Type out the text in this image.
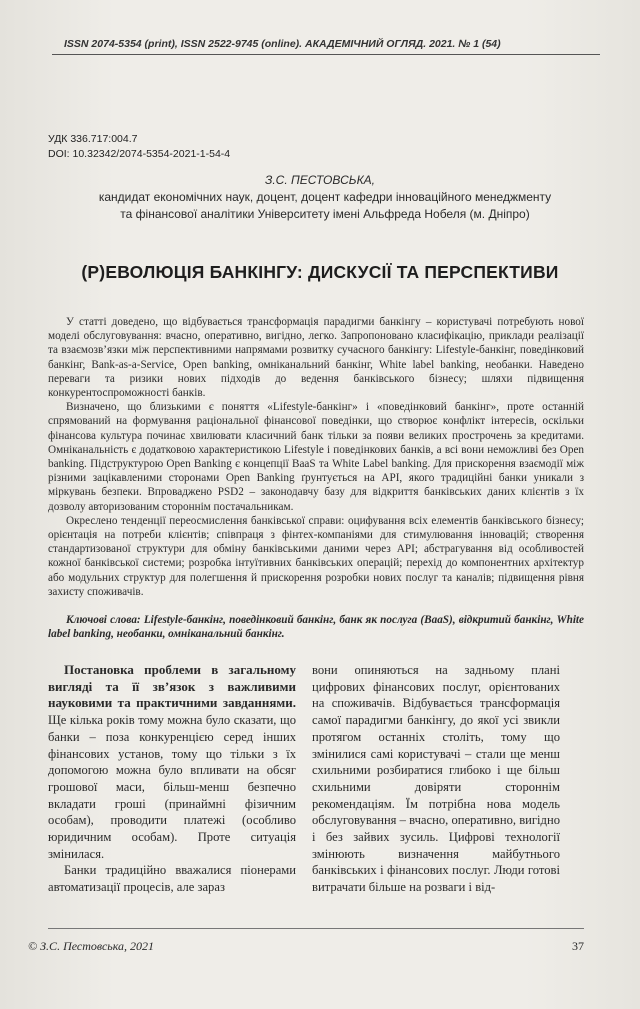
ISSN 2074-5354 (print), ISSN 2522-9745 (online). АКАДЕМІЧНИЙ ОГЛЯД. 2021. № 1 (54)
УДК 336.717:004.7
DOI: 10.32342/2074-5354-2021-1-54-4
З.С. ПЕСТОВСЬКА,
кандидат економічних наук, доцент, доцент кафедри інноваційного менеджменту
та фінансової аналітики Університету імені Альфреда Нобеля (м. Дніпро)
(Р)ЕВОЛЮЦІЯ БАНКІНГУ: ДИСКУСІЇ ТА ПЕРСПЕКТИВИ

У статті доведено, що відбувається трансформація парадигми банкінгу – користувачі потребують нової моделі обслуговування: вчасно, оперативно, вигідно, легко. Запропоновано класифікацію, приклади реалізації та взаємозв’язки між перспективними напрямами розвитку сучасного банкінгу: Lifestyle-банкінг, поведінковий банкінг, Bank-as-a-Service, Open banking, омніканальний банкінг, White label banking, необанки. Наведено переваги та ризики нових підходів до ведення банківського бізнесу; шляхи підвищення конкурентоспроможності банків.

Визначено, що близькими є поняття «Lifestyle-банкінг» і «поведінковий банкінг», проте останній спрямований на формування раціональної фінансової поведінки, що створює конфлікт інтересів, оскільки фінансова культура починає хвилювати класичний банк тільки за появи великих прострочень за кредитами. Омніканальність є додатковою характеристикою Lifestyle і поведінкових банків, а всі вони неможливі без Open banking. Підструктурою Open Banking є концепції BaaS та White Label banking. Для прискорення взаємодії між різними зацікавленими сторонами Open Banking ґрунтується на API, якого традиційні банки уникали з міркувань безпеки. Впровадженo PSD2 – законодавчу базу для відкриття банківських даних клієнтів з їх дозволу авторизованим стороннім постачальникам.

Окреслено тенденції переосмислення банківської справи: оцифування всіх елементів банківського бізнесу; орієнтація на потреби клієнтів; співпраця з фінтех-компаніями для стимулювання інновацій; створення стандартизованої структури для обміну банківськими даними через API; абстрагування від особливостей кожної банківської системи; розробка інтуїтивних банківських операцій; перехід до компонентних архітектур або модульних структур для полегшення й прискорення розробки нових послуг та каналів; підвищення рівня захисту споживачів.

Ключові слова: Lifestyle-банкінг, поведінковий банкінг, банк як послуга (BaaS), відкритий банкінг, White label banking, необанки, омніканальний банкінг.

Постановка проблеми в загальному вигляді та її зв’язок з важливими науковими та практичними завданнями. Ще кілька років тому можна було сказати, що банки – поза конкуренцією серед інших фінансових установ, тому що тільки з їх допомогою можна було впливати на обсяг грошової маси, більш-менш безпечно вкладати гроші (принаймні фізичним особам), проводити платежі (особливо юридичним особам). Проте ситуація змінилася.

Банки традиційно вважалися піонерами автоматизації процесів, але зараз

вони опиняються на задньому плані цифрових фінансових послуг, орієнтованих на споживачів. Відбувається трансформація самої парадигми банкінгу, до якої усі звикли протягом останніх століть, тому що змінилися самі користувачі – стали ще менш схильними розбиратися глибоко і ще більш схильними довіряти стороннім рекомендаціям. Їм потрібна нова модель обслуговування – вчасно, оперативно, вигідно і без зайвих зусиль. Цифрові технології змінюють визначення майбутнього банківських і фінансових послуг. Люди готові витрачати більше на розваги і від-

© З.С. Пестовська, 2021	37
